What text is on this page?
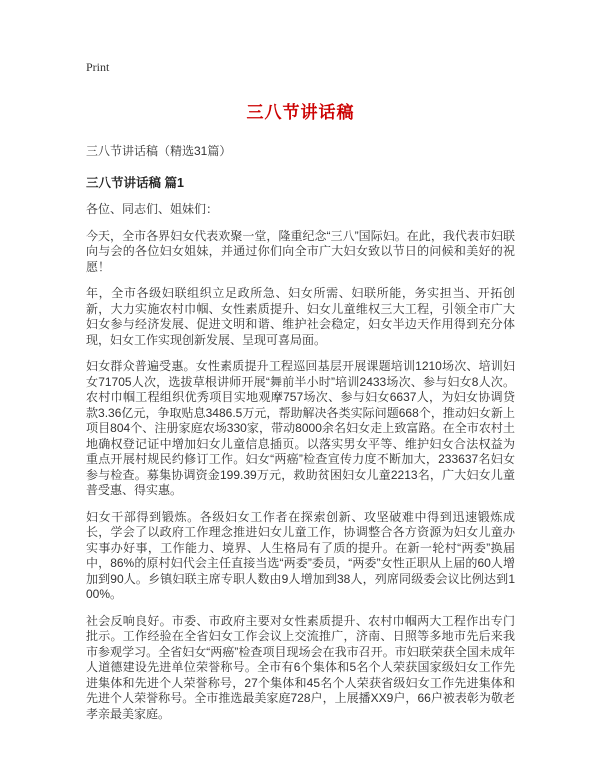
Print
三八节讲话稿
三八节讲话稿（精选31篇）
三八节讲话稿 篇1

各位、同志们、姐妹们：

今天，全市各界妇女代表欢聚一堂，隆重纪念“三八”国际妇。在此，我代表市妇联向与会的各位妇女姐妹，并通过你们向全市广大妇女致以节日的问候和美好的祝愿！

年，全市各级妇联组织立足政所急、妇女所需、妇联所能，务实担当、开拓创新，大力实施农村巾帼、女性素质提升、妇女儿童维权三大工程，引领全市广大妇女参与经济发展、促进文明和谐、维护社会稳定，妇女半边天作用得到充分体现，妇女工作实现创新发展、呈现可喜局面。

妇女群众普遍受惠。女性素质提升工程巡回基层开展课题培训1210场次、培训妇女71705人次，选拔草根讲师开展“舞前半小时”培训2433场次、参与妇女8人次。农村巾帼工程组织优秀项目实地观摩757场次、参与妇女6637人，为妇女协调贷款3.36亿元，争取贴息3486.5万元，帮助解决各类实际问题668个，推动妇女新上项目804个、注册家庭农场330家，带动8000余名妇女走上致富路。在全市农村土地确权登记证中增加妇女儿童信息插页。以落实男女平等、维护妇女合法权益为重点开展村规民约修订工作。妇女“两癌”检查宣传力度不断加大，233637名妇女参与检查。募集协调资金199.39万元，救助贫困妇女儿童2213名，广大妇女儿童普受惠、得实惠。

妇女干部得到锻炼。各级妇女工作者在探索创新、攻坚破难中得到迅速锻炼成长，学会了以政府工作理念推进妇女儿童工作，协调整合各方资源为妇女儿童办实事办好事，工作能力、境界、人生格局有了质的提升。在新一轮村“两委”换届中，86%的原村妇代会主任直接当选“两委”委员，“两委”女性正职从上届的60人增加到90人。乡镇妇联主席专职人数由9人增加到38人，列席同级委会议比例达到100%。

社会反响良好。市委、市政府主要对女性素质提升、农村巾帼两大工程作出专门批示。工作经验在全省妇女工作会议上交流推广，济南、日照等多地市先后来我市参观学习。全省妇女“两癌”检查项目现场会在我市召开。市妇联荣获全国未成年人道德建设先进单位荣誉称号。全市有6个集体和5名个人荣获国家级妇女工作先进集体和先进个人荣誉称号，27个集体和45名个人荣获省级妇女工作先进集体和先进个人荣誉称号。全市推选最美家庭728户，上展播XX9户，66户被表彰为敬老孝亲最美家庭。
